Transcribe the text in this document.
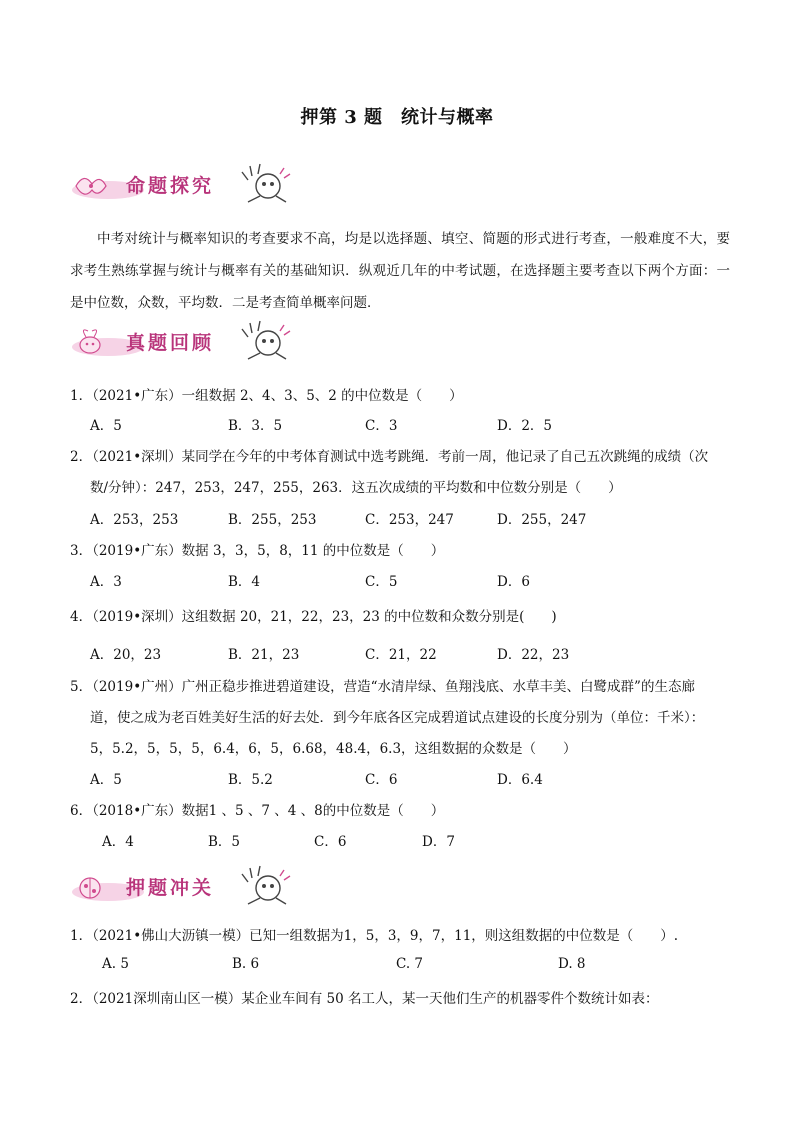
押第 3 题　统计与概率
命题探究
中考对统计与概率知识的考查要求不高，均是以选择题、填空、简题的形式进行考查，一般难度不大，要求考生熟练掌握与统计与概率有关的基础知识．纵观近几年的中考试题，在选择题主要考查以下两个方面：一是中位数，众数，平均数．二是考查简单概率问题．
真题回顾
1．（2021•广东）一组数据 2、4、3、5、2 的中位数是（　　）
A．5	B．3．5	C．3	D．2．5
2．（2021•深圳）某同学在今年的中考体育测试中选考跳绳．考前一周，他记录了自己五次跳绳的成绩（次
数/分钟）：247，253，247，255，263．这五次成绩的平均数和中位数分别是（　　）
A．253，253	B．255，253	C．253，247	D．255，247
3．（2019•广东）数据 3，3，5，8，11 的中位数是（　　）
A．3	B．4	C．5	D．6
4．（2019•深圳）这组数据 20，21，22，23，23 的中位数和众数分别是(　　)
A．20，23	B．21，23	C．21，22	D．22，23
5．（2019•广州）广州正稳步推进碧道建设，营造“水清岸绿、鱼翔浅底、水草丰美、白鹭成群”的生态廊
道，使之成为老百姓美好生活的好去处．到今年底各区完成碧道试点建设的长度分别为（单位：千米）：
5，5.2，5，5，5，6.4，6，5，6.68，48.4，6.3，这组数据的众数是（　　）
A．5	B．5.2	C．6	D．6.4
6．（2018•广东）数据1 、5 、7 、4 、8的中位数是（　　）
A．4	B．5	C．6	D．7
押题冲关
1．（2021•佛山大沥镇一模）已知一组数据为1，5，3，9，7，11，则这组数据的中位数是（　　）.
A. 5	B. 6	C. 7	D. 8
2．（2021深圳南山区一模）某企业车间有 50 名工人，某一天他们生产的机器零件个数统计如表：
